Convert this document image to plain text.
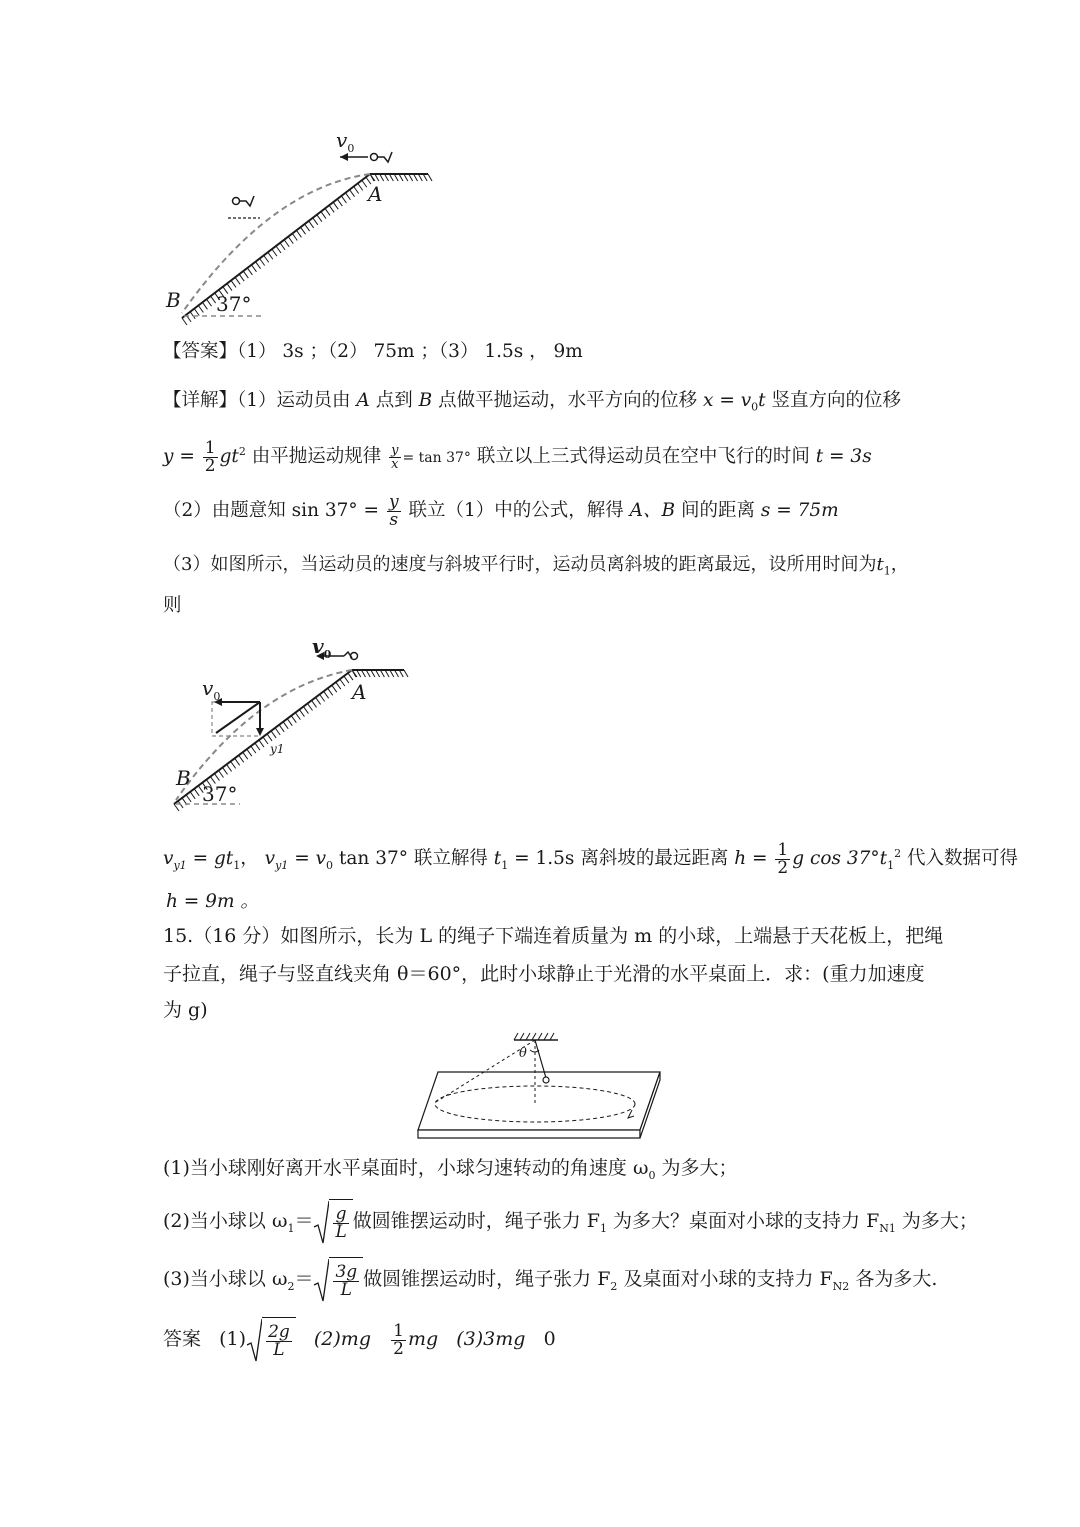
$v_0$
A
B 37°
【答案】（1） 3s ；（2） 75m ；（3） 1.5s ， 9m
【详解】（1）运动员由 A 点到 B 点做平抛运动，水平方向的位移 $x = v_0t$ 竖直方向的位移
$y = \frac{1}{2} gt^2$ 由平抛运动规律 $\frac{y}{x} = \tan 37^\circ$ 联立以上三式得运动员在空中飞行的时间 t = 3s
（2）由题意知 $\sin 37^\circ = \frac{y}{s}$ 联立（1）中的公式，解得 A、B 间的距离 s = 75m
（3）如图所示，当运动员的速度与斜坡平行时，运动员离斜坡的距离最远，设所用时间为$t_1$，
则
$v_0$
$v_0$
y1
A
B
37°
$v_{y1} = gt_1$， $v_{y1} = v_0$ tan 37° 联立解得 $t_1 = 1.5s$ 离斜坡的最远距离 $h = \frac{1}{2}$ g $\cos 37^\circ t_1^2$ 代入数据可得
h = 9m 。
15.（16 分）如图所示，长为 L 的绳子下端连着质量为 m 的小球，上端悬于天花板上，把绳
子拉直，绳子与竖直线夹角 θ＝60°，此时小球静止于光滑的水平桌面上．求：(重力加速度
为 g)
θ
(1)当小球刚好离开水平桌面时，小球匀速转动的角速度 $\omega_0$ 为多大；
(2)当小球以 $\omega_1= \frac{g}{L}$ 做圆锥摆运动时，绳子张力 $F_1$ 为多大？桌面对小球的支持力 $F_{N1}$ 为多大；
(3)当小球以 $\omega_2= \frac{3g}{L}$ 做圆锥摆运动时，绳子张力 $F_2$ 及桌面对小球的支持力 $F_{N2}$ 各为多大.
答案 $(1) \frac{2g}{L} (2)mg \frac{1}{2}$ mg (3)3mg 0
